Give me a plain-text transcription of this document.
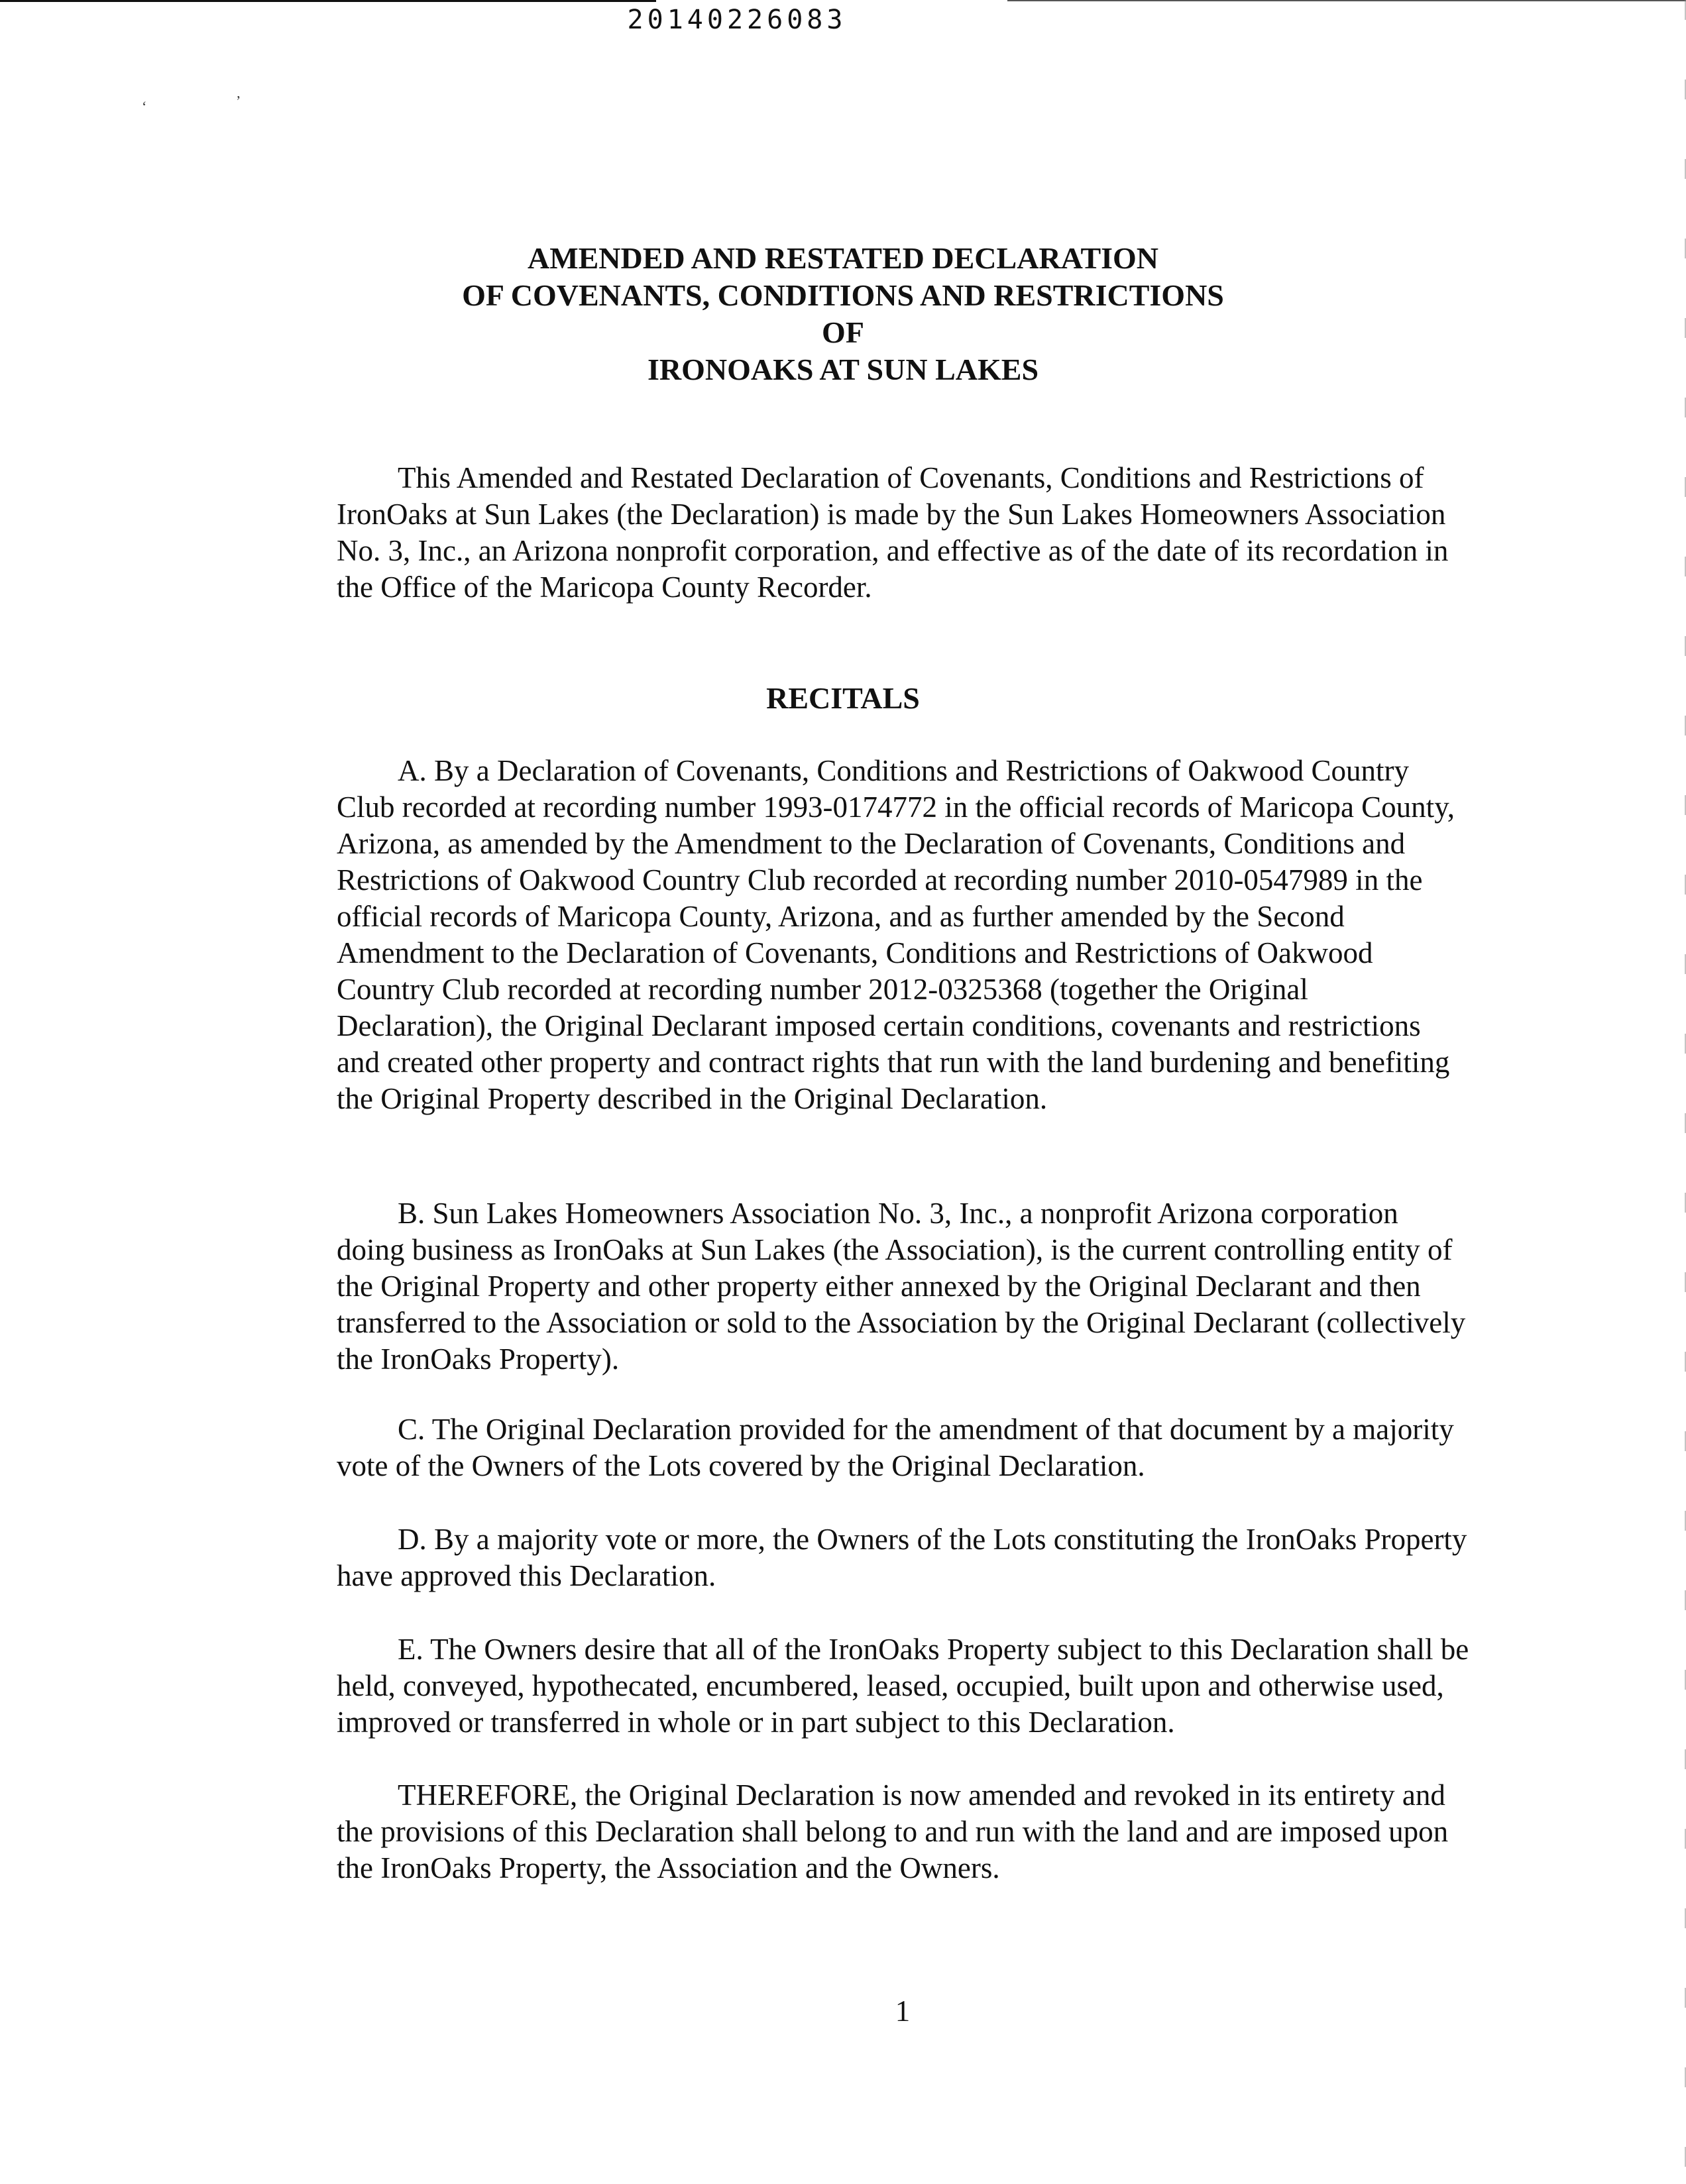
20140226083
ʻ	ʼ
AMENDED AND RESTATED DECLARATION
OF COVENANTS, CONDITIONS AND RESTRICTIONS
OF
IRONOAKS AT SUN LAKES

This Amended and Restated Declaration of Covenants, Conditions and Restrictions of IronOaks at Sun Lakes (the Declaration) is made by the Sun Lakes Homeowners Association No. 3, Inc., an Arizona nonprofit corporation, and effective as of the date of its recordation in the Office of the Maricopa County Recorder.

RECITALS

A. By a Declaration of Covenants, Conditions and Restrictions of Oakwood Country Club recorded at recording number 1993-0174772 in the official records of Maricopa County, Arizona, as amended by the Amendment to the Declaration of Covenants, Conditions and Restrictions of Oakwood Country Club recorded at recording number 2010-0547989 in the official records of Maricopa County, Arizona, and as further amended by the Second Amendment to the Declaration of Covenants, Conditions and Restrictions of Oakwood Country Club recorded at recording number 2012-0325368 (together the Original Declaration), the Original Declarant imposed certain conditions, covenants and restrictions and created other property and contract rights that run with the land burdening and benefiting the Original Property described in the Original Declaration.

B. Sun Lakes Homeowners Association No. 3, Inc., a nonprofit Arizona corporation doing business as IronOaks at Sun Lakes (the Association), is the current controlling entity of the Original Property and other property either annexed by the Original Declarant and then transferred to the Association or sold to the Association by the Original Declarant (collectively the IronOaks Property).

C. The Original Declaration provided for the amendment of that document by a majority vote of the Owners of the Lots covered by the Original Declaration.

D. By a majority vote or more, the Owners of the Lots constituting the IronOaks Property have approved this Declaration.

E. The Owners desire that all of the IronOaks Property subject to this Declaration shall be held, conveyed, hypothecated, encumbered, leased, occupied, built upon and otherwise used, improved or transferred in whole or in part subject to this Declaration.

THEREFORE, the Original Declaration is now amended and revoked in its entirety and the provisions of this Declaration shall belong to and run with the land and are imposed upon the IronOaks Property, the Association and the Owners.

1
